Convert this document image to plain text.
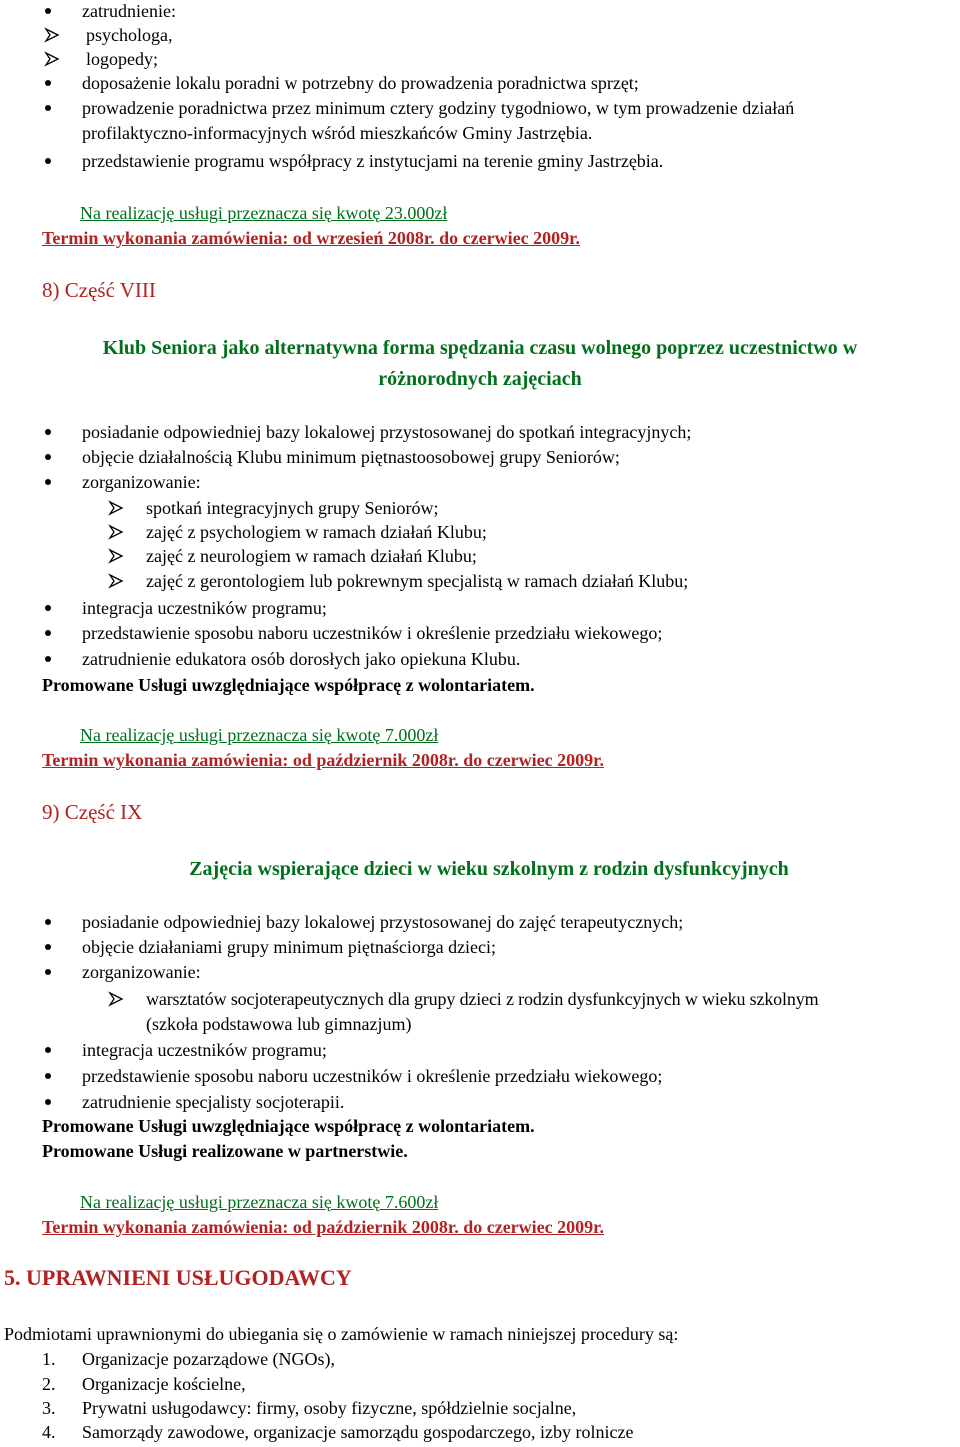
zatrudnienie:
psychologa,
logopedy;
doposażenie lokalu poradni w potrzebny do prowadzenia poradnictwa sprzęt;
prowadzenie poradnictwa przez minimum cztery godziny tygodniowo, w tym prowadzenie działań
profilaktyczno-informacyjnych wśród mieszkańców Gminy Jastrzębia.
przedstawienie programu współpracy z instytucjami na terenie gminy Jastrzębia.
Na realizację usługi przeznacza się kwotę 23.000zł
Termin wykonania zamówienia: od wrzesień 2008r. do czerwiec 2009r.
8) Część VIII
Klub Seniora jako alternatywna forma spędzania czasu wolnego poprzez uczestnictwo w
różnorodnych zajęciach
posiadanie odpowiedniej bazy lokalowej przystosowanej do spotkań integracyjnych;
objęcie działalnością Klubu minimum piętnastoosobowej grupy Seniorów;
zorganizowanie:
spotkań integracyjnych grupy Seniorów;
zajęć z psychologiem w ramach działań Klubu;
zajęć z neurologiem w ramach działań Klubu;
zajęć z gerontologiem lub pokrewnym specjalistą w ramach działań Klubu;
integracja uczestników programu;
przedstawienie sposobu naboru uczestników i określenie przedziału wiekowego;
zatrudnienie edukatora osób dorosłych jako opiekuna Klubu.
Promowane Usługi uwzględniające współpracę z wolontariatem.
Na realizację usługi przeznacza się kwotę 7.000zł
Termin wykonania zamówienia: od październik 2008r. do czerwiec 2009r.
9) Część IX
Zajęcia wspierające dzieci w wieku szkolnym z rodzin dysfunkcyjnych
posiadanie odpowiedniej bazy lokalowej przystosowanej do zajęć terapeutycznych;
objęcie działaniami grupy minimum piętnaściorga dzieci;
zorganizowanie:
warsztatów socjoterapeutycznych dla grupy dzieci z rodzin dysfunkcyjnych w wieku szkolnym
(szkoła podstawowa lub gimnazjum)
integracja uczestników programu;
przedstawienie sposobu naboru uczestników i określenie przedziału wiekowego;
zatrudnienie specjalisty socjoterapii.
Promowane Usługi uwzględniające współpracę z wolontariatem.
Promowane Usługi realizowane w partnerstwie.
Na realizację usługi przeznacza się kwotę 7.600zł
Termin wykonania zamówienia: od październik 2008r. do czerwiec 2009r.
5. UPRAWNIENI USŁUGODAWCY
Podmiotami uprawnionymi do ubiegania się o zamówienie w ramach niniejszej procedury są:
1. Organizacje pozarządowe (NGOs),
2. Organizacje kościelne,
3. Prywatni usługodawcy: firmy, osoby fizyczne, spółdzielnie socjalne,
4. Samorządy zawodowe, organizacje samorządu gospodarczego, izby rolnicze
